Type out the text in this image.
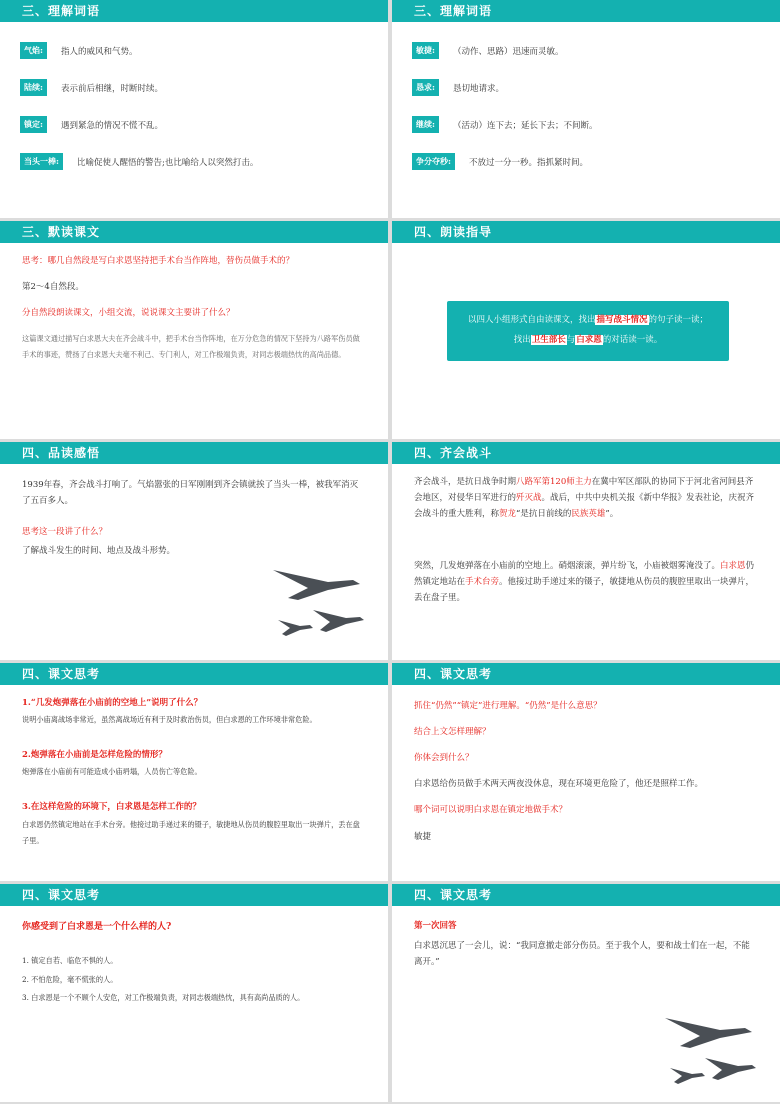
三、理解词语
气焰:	指人的威风和气势。
陆续:	表示前后相继，时断时续。
镇定:	遇到紧急的情况不慌不乱。
当头一棒:	比喻促使人醒悟的警告;也比喻给人以突然打击。
三、理解词语
敏捷:	（动作、思路）迅速而灵敏。
恳求:	恳切地请求。
继续:	（活动）连下去；延长下去；不间断。
争分夺秒:	不放过一分一秒。指抓紧时间。
三、默读课文
思考：哪几自然段是写白求恩坚持把手术台当作阵地，替伤员做手术的？
第2～4自然段。
分自然段朗读课文，小组交流，说说课文主要讲了什么？
这篇课文通过描写白求恩大夫在齐会战斗中，把手术台当作阵地，在万分危急的情况下坚持为八路军伤员做手术的事迹，赞扬了白求恩大夫毫不利己、专门利人，对工作极端负责，对同志极端热忱的高尚品德。
四、朗读指导
以四人小组形式自由读课文，找出描写战斗情况的句子读一读；
找出卫生部长与白求恩的对话读一读。
四、品读感悟
1939年春，齐会战斗打响了。气焰嚣张的日军刚刚到齐会镇就挨了当头一棒，被我军消灭了五百多人。
思考这一段讲了什么？
了解战斗发生的时间、地点及战斗形势。
四、齐会战斗
齐会战斗，是抗日战争时期八路军第120师主力在冀中军区部队的协同下于河北省河间县齐会地区，对侵华日军进行的歼灭战。战后，中共中央机关报《新中华报》发表社论，庆祝齐会战斗的重大胜利，称贺龙“是抗日前线的民族英雄”。
突然，几发炮弹落在小庙前的空地上。硝烟滚滚，弹片纷飞，小庙被烟雾淹没了。白求恩仍然镇定地站在手术台旁。他接过助手递过来的镊子，敏捷地从伤员的腹腔里取出一块弹片，丢在盘子里。
四、课文思考
1.“几发炮弹落在小庙前的空地上”说明了什么？
说明小庙离战场非常近，虽然离战场近有利于及时救治伤员，但白求恩的工作环境非常危险。
2.炮弹落在小庙前是怎样危险的情形？
炮弹落在小庙前有可能造成小庙坍塌，人员伤亡等危险。
3.在这样危险的环境下，白求恩是怎样工作的？
白求恩仍然镇定地站在手术台旁。他接过助手递过来的镊子，敏捷地从伤员的腹腔里取出一块弹片，丢在盘子里。
四、课文思考
抓住“仍然”“镇定”进行理解。“仍然”是什么意思？
结合上文怎样理解？
你体会到什么？
白求恩给伤员做手术两天两夜没休息，现在环境更危险了，他还是照样工作。
哪个词可以说明白求恩在镇定地做手术？
敏捷
四、课文思考
你感受到了白求恩是一个什么样的人?
1. 镇定自若、临危不惧的人。
2. 不怕危险，毫不慌张的人。
3. 白求恩是一个不顾个人安危，对工作极端负责，对同志极端热忱，具有高尚品质的人。
四、课文思考
第一次回答
白求恩沉思了一会儿，说：“我同意撤走部分伤员。至于我个人，要和战士们在一起，不能离开。”
